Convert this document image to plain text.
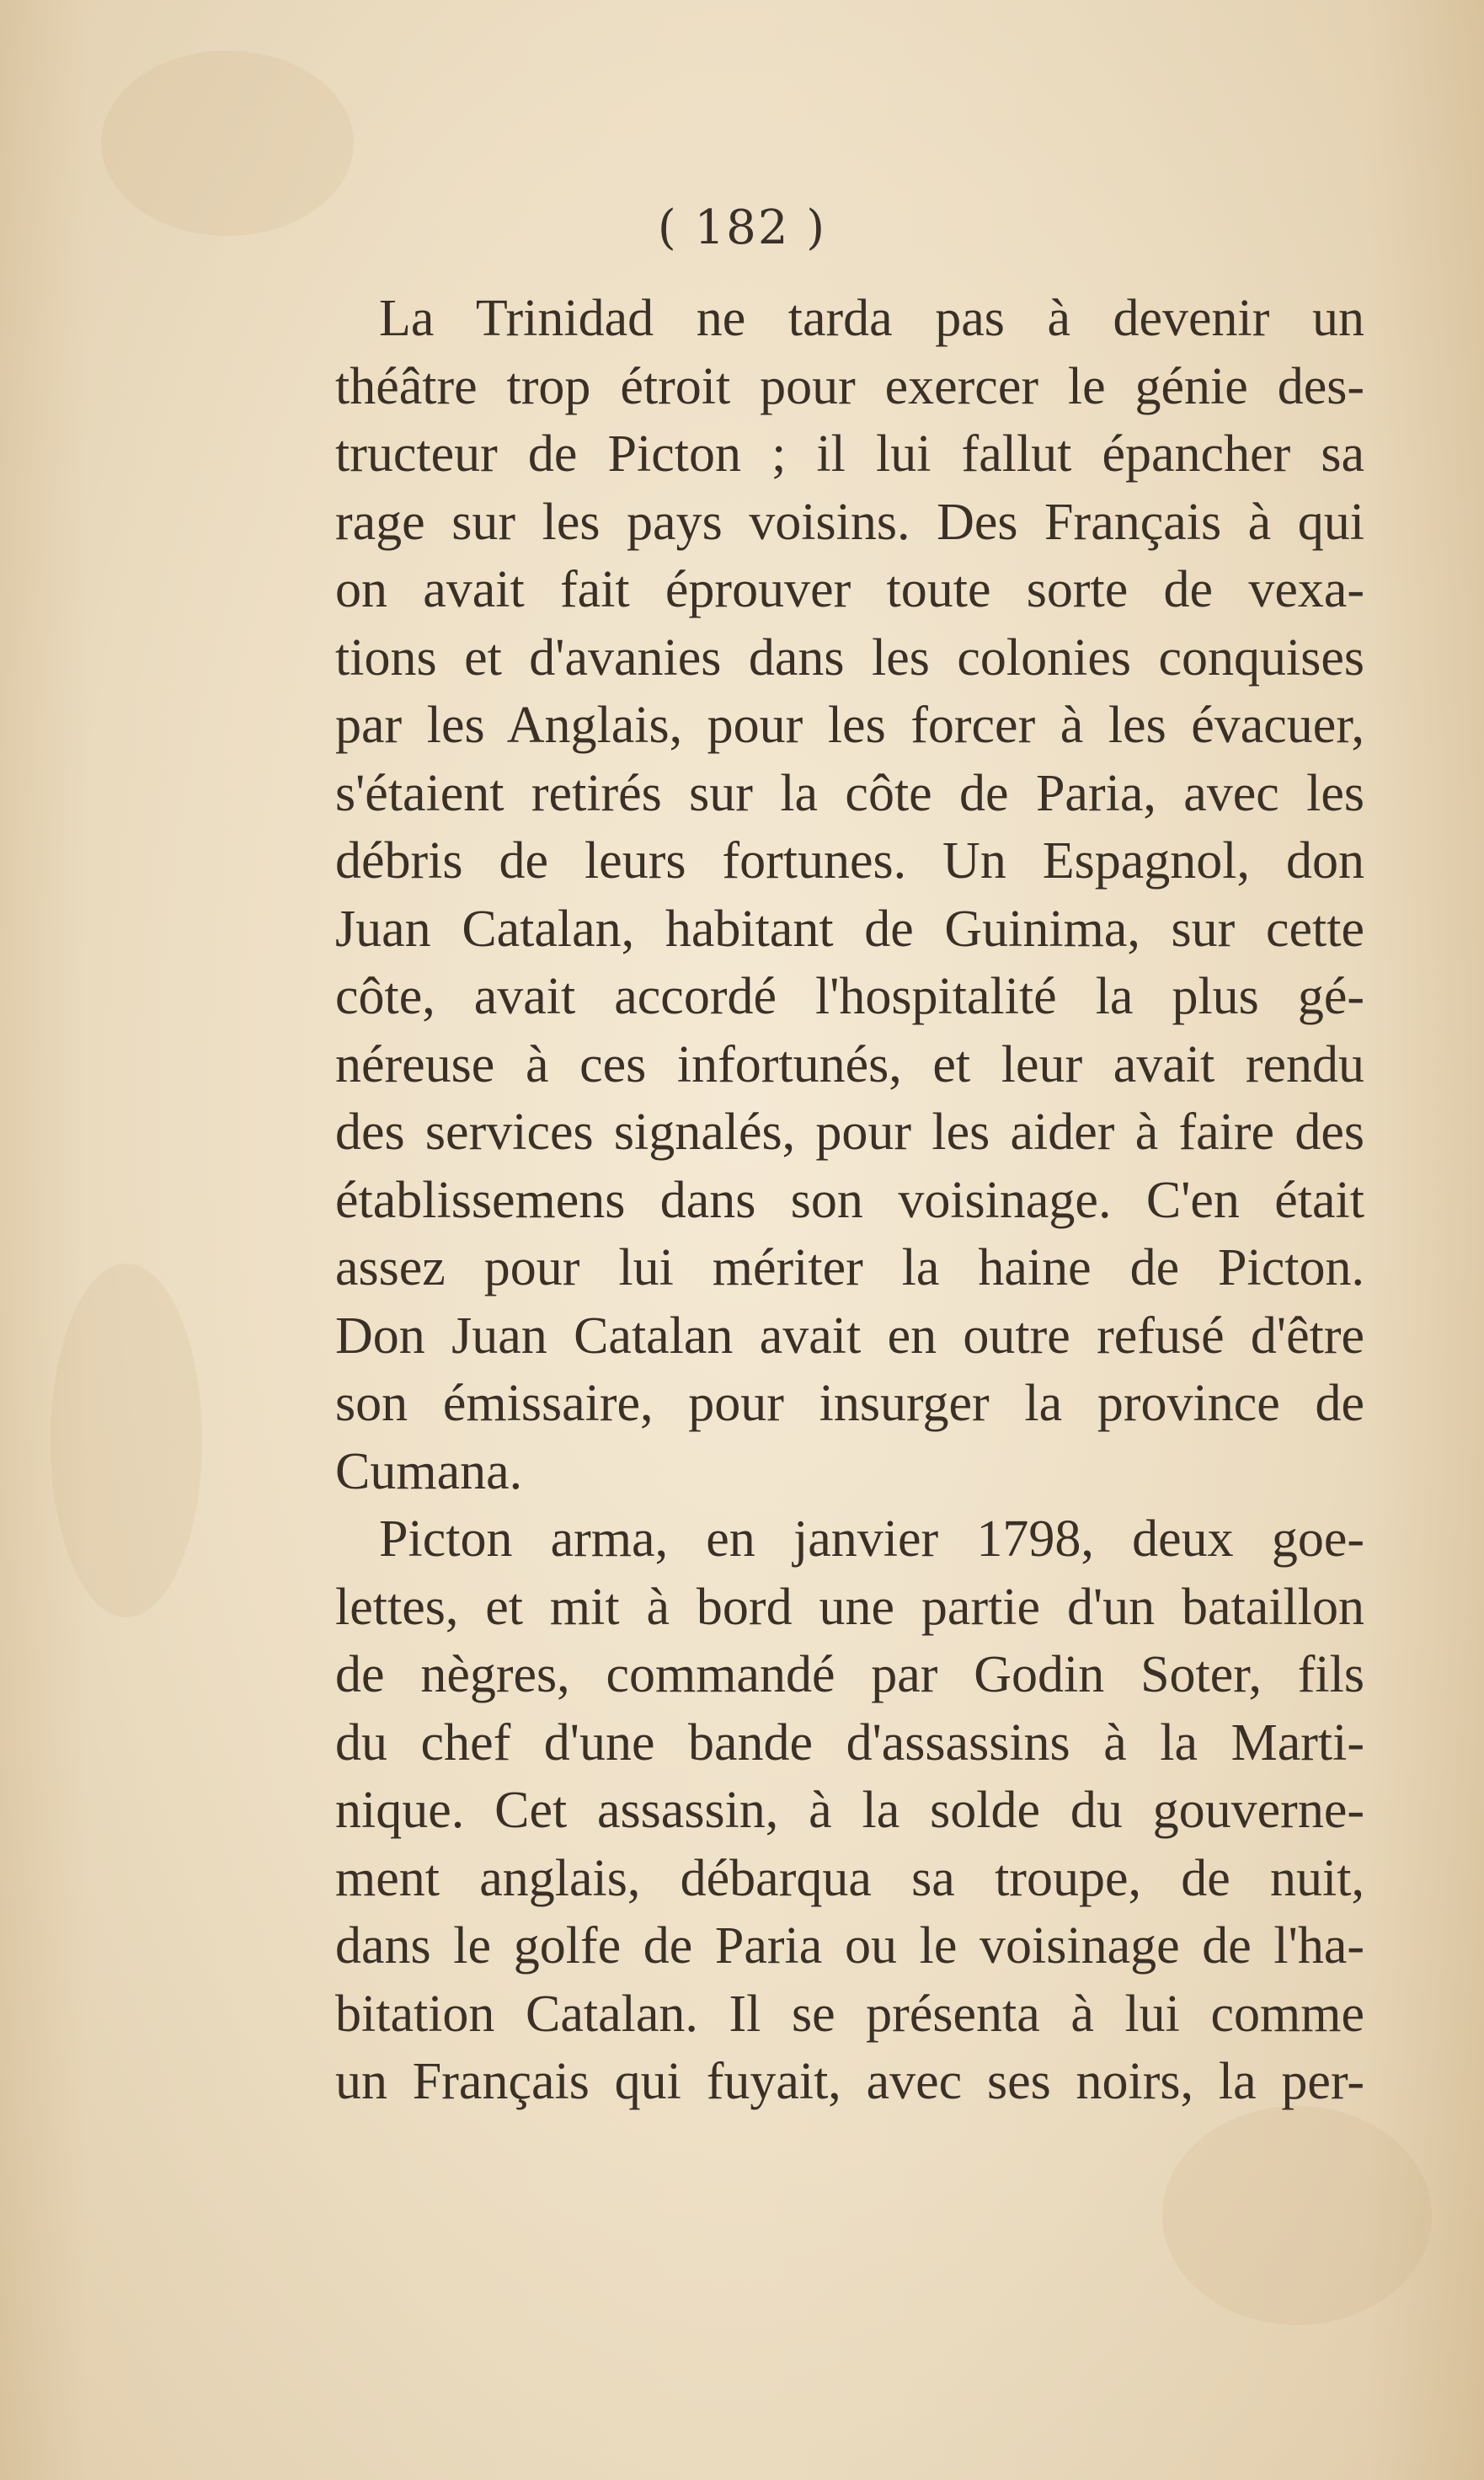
( 182 )
La Trinidad ne tarda pas à devenir un
théâtre trop étroit pour exercer le génie des-
tructeur de Picton ; il lui fallut épancher sa
rage sur les pays voisins. Des Français à qui
on avait fait éprouver toute sorte de vexa-
tions et d'avanies dans les colonies conquises
par les Anglais, pour les forcer à les évacuer,
s'étaient retirés sur la côte de Paria, avec les
débris de leurs fortunes. Un Espagnol, don
Juan Catalan, habitant de Guinima, sur cette
côte, avait accordé l'hospitalité la plus gé-
néreuse à ces infortunés, et leur avait rendu
des services signalés, pour les aider à faire des
établissemens dans son voisinage. C'en était
assez pour lui mériter la haine de Picton.
Don Juan Catalan avait en outre refusé d'être
son émissaire, pour insurger la province de
Cumana.
Picton arma, en janvier 1798, deux goe-
lettes, et mit à bord une partie d'un bataillon
de nègres, commandé par Godin Soter, fils
du chef d'une bande d'assassins à la Marti-
nique. Cet assassin, à la solde du gouverne-
ment anglais, débarqua sa troupe, de nuit,
dans le golfe de Paria ou le voisinage de l'ha-
bitation Catalan. Il se présenta à lui comme
un Français qui fuyait, avec ses noirs, la per-
